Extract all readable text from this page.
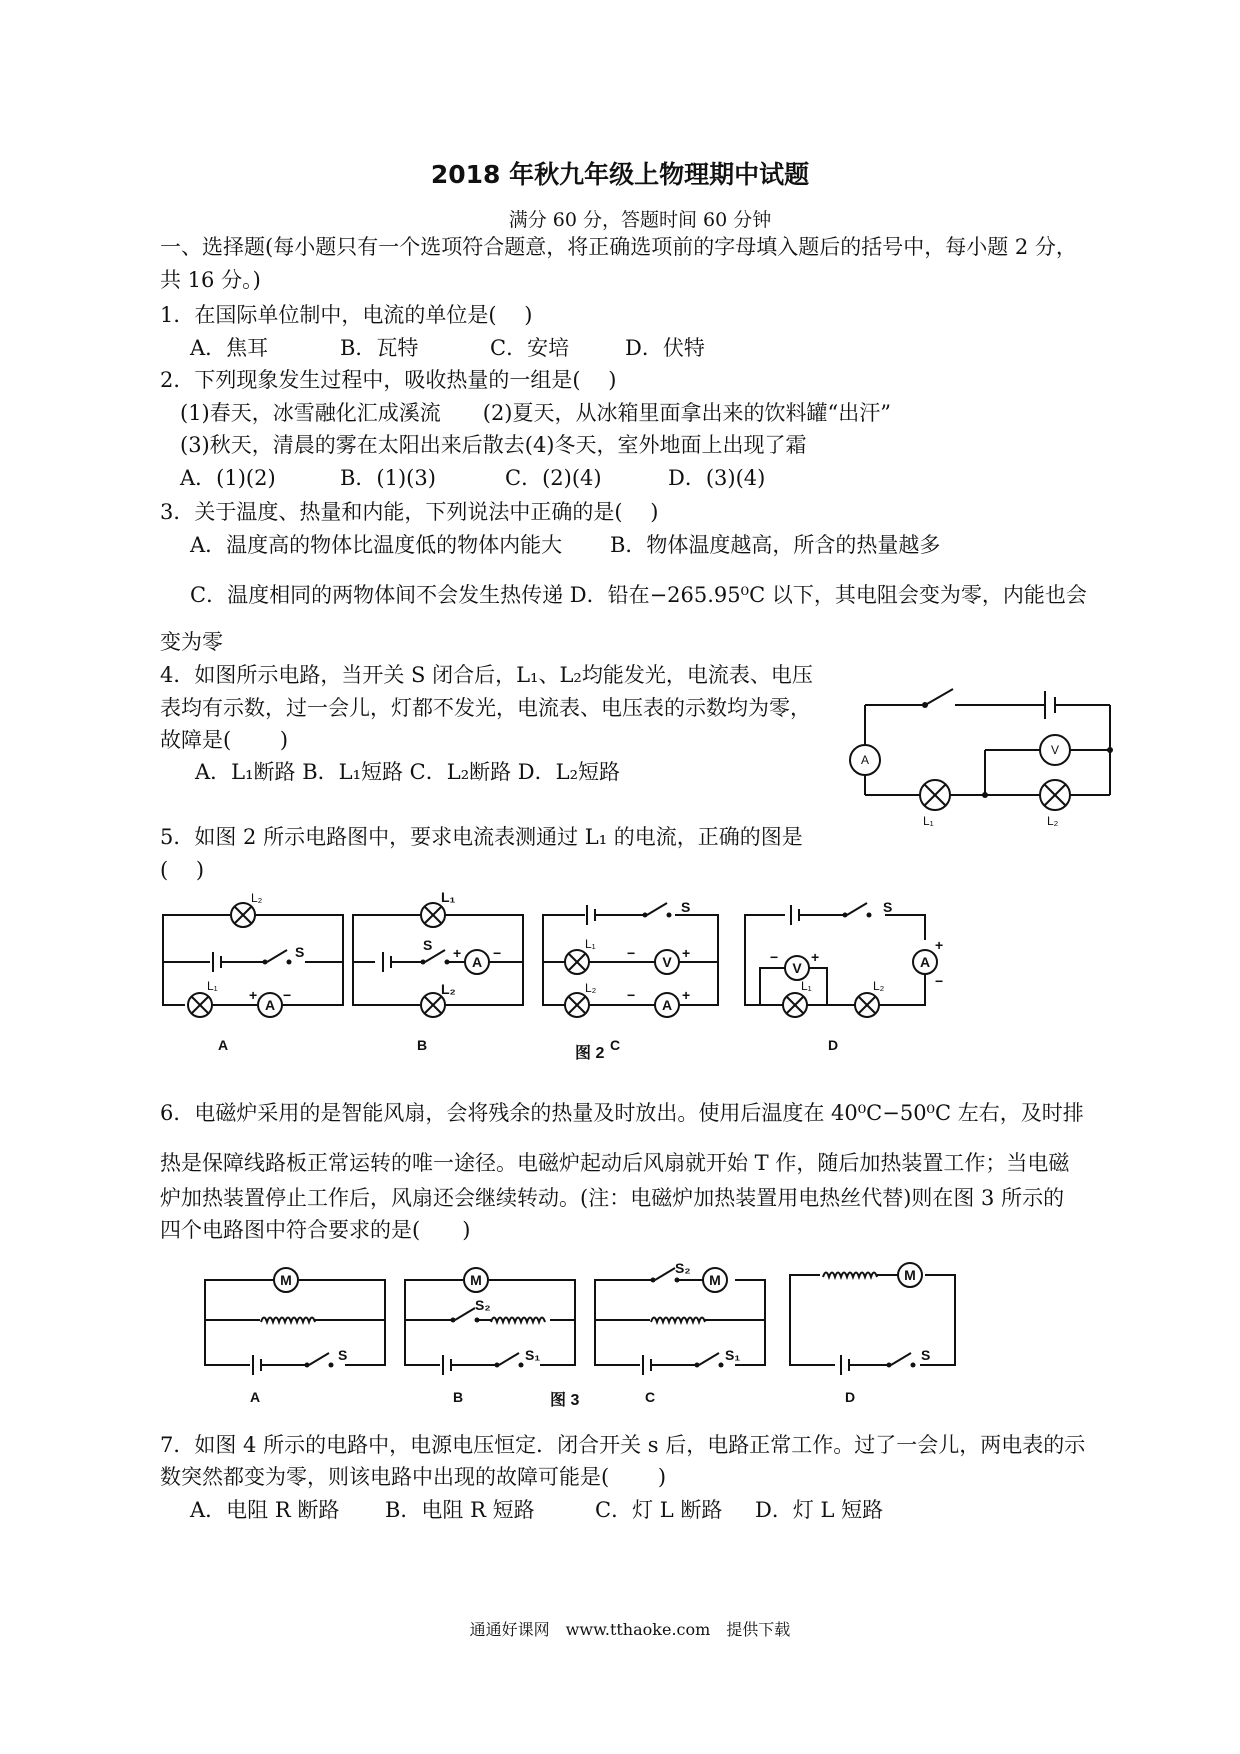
2018 年秋九年级上物理期中试题
满分 60 分，答题时间 60 分钟
一、选择题(每小题只有一个选项符合题意，将正确选项前的字母填入题后的括号中，每小题 2 分，
共 16 分。)
1．在国际单位制中，电流的单位是(　 )
A．焦耳	B．瓦特	C．安培	D．伏特
2．下列现象发生过程中，吸收热量的一组是(　 )
(1)春天，冰雪融化汇成溪流　　(2)夏天，从冰箱里面拿出来的饮料罐“出汗”
(3)秋天，清晨的雾在太阳出来后散去(4)冬天，室外地面上出现了霜
A．(1)(2)	B．(1)(3)	C．(2)(4)	D．(3)(4)
3．关于温度、热量和内能，下列说法中正确的是(　 )
A．温度高的物体比温度低的物体内能大 B．物体温度越高，所含的热量越多
C．温度相同的两物体间不会发生热传递 D．铅在−265.95⁰C 以下，其电阻会变为零，内能也会
变为零
4．如图所示电路，当开关 S 闭合后，L₁、L₂均能发光，电流表、电压
表均有示数，过一会儿，灯都不发光，电流表、电压表的示数均为零，
故障是(　　 )
A．L₁断路 B．L₁短路 C．L₂断路 D．L₂短路	A
L₁	L₂
V
5．如图 2 所示电路图中，要求电流表测通过 L₁ 的电流，正确的图是
(　 )
L₂
S
L₁
A
+ −
A
L₁
S +
A
−
L₂
B
S
L₁
−
V
+
L₂ −
A
+
C
S
A
+
−
L₁	L₂
V
− +
D
图 2
6．电磁炉采用的是智能风扇，会将残余的热量及时放出。使用后温度在 40⁰C−50⁰C 左右，及时排
热是保障线路板正常运转的唯一途径。电磁炉起动后风扇就开始 T 作，随后加热装置工作；当电磁
炉加热装置停止工作后，风扇还会继续转动。(注：电磁炉加热装置用电热丝代替)则在图 3 所示的
四个电路图中符合要求的是(　　)
M
S
A
M
S₂
S₁
B
S₂
M
S₁
C
M
S
D
图 3
7．如图 4 所示的电路中，电源电压恒定．闭合开关 s 后，电路正常工作。过了一会儿，两电表的示
数突然都变为零，则该电路中出现的故障可能是(　　 )
A．电阻 R 断路 B．电阻 R 短路	C．灯 L 断路 D．灯 L 短路
通通好课网　www.tthaoke.com　提供下载
